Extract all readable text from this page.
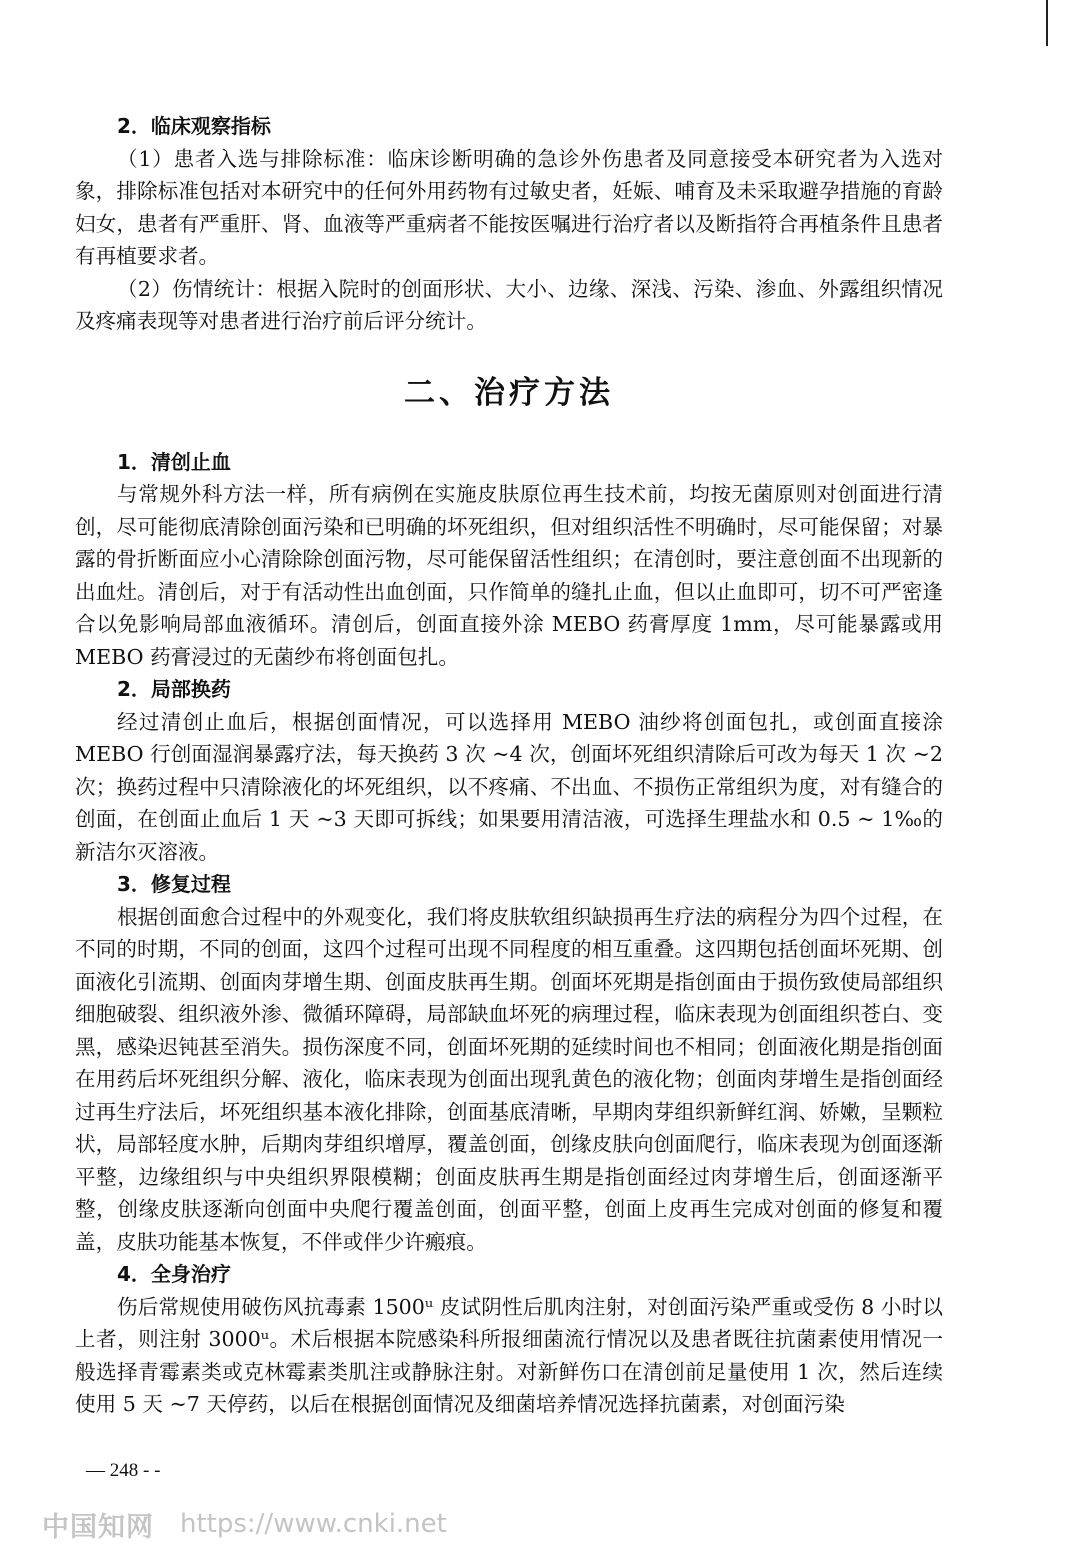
2．临床观察指标

（1）患者入选与排除标准：临床诊断明确的急诊外伤患者及同意接受本研究者为入选对象，排除标准包括对本研究中的任何外用药物有过敏史者，妊娠、哺育及未采取避孕措施的育龄妇女，患者有严重肝、肾、血液等严重病者不能按医嘱进行治疗者以及断指符合再植条件且患者有再植要求者。

（2）伤情统计：根据入院时的创面形状、大小、边缘、深浅、污染、渗血、外露组织情况及疼痛表现等对患者进行治疗前后评分统计。

二、治疗方法
1．清创止血

与常规外科方法一样，所有病例在实施皮肤原位再生技术前，均按无菌原则对创面进行清创，尽可能彻底清除创面污染和已明确的坏死组织，但对组织活性不明确时，尽可能保留；对暴露的骨折断面应小心清除除创面污物，尽可能保留活性组织；在清创时，要注意创面不出现新的出血灶。清创后，对于有活动性出血创面，只作简单的缝扎止血，但以止血即可，切不可严密逢合以免影响局部血液循环。清创后，创面直接外涂 MEBO 药膏厚度 1mm，尽可能暴露或用 MEBO 药膏浸过的无菌纱布将创面包扎。

2．局部换药

经过清创止血后，根据创面情况，可以选择用 MEBO 油纱将创面包扎，或创面直接涂 MEBO 行创面湿润暴露疗法，每天换药 3 次 ~4 次，创面坏死组织清除后可改为每天 1 次 ~2 次；换药过程中只清除液化的坏死组织，以不疼痛、不出血、不损伤正常组织为度，对有缝合的创面，在创面止血后 1 天 ~3 天即可拆线；如果要用清洁液，可选择生理盐水和 0.5 ~ 1‰的新洁尔灭溶液。

3．修复过程

根据创面愈合过程中的外观变化，我们将皮肤软组织缺损再生疗法的病程分为四个过程，在不同的时期，不同的创面，这四个过程可出现不同程度的相互重叠。这四期包括创面坏死期、创面液化引流期、创面肉芽增生期、创面皮肤再生期。创面坏死期是指创面由于损伤致使局部组织细胞破裂、组织液外渗、微循环障碍，局部缺血坏死的病理过程，临床表现为创面组织苍白、变黑，感染迟钝甚至消失。损伤深度不同，创面坏死期的延续时间也不相同；创面液化期是指创面在用药后坏死组织分解、液化，临床表现为创面出现乳黄色的液化物；创面肉芽增生是指创面经过再生疗法后，坏死组织基本液化排除，创面基底清晰，早期肉芽组织新鲜红润、娇嫩，呈颗粒状，局部轻度水肿，后期肉芽组织增厚，覆盖创面，创缘皮肤向创面爬行，临床表现为创面逐渐平整，边缘组织与中央组织界限模糊；创面皮肤再生期是指创面经过肉芽增生后，创面逐渐平整，创缘皮肤逐渐向创面中央爬行覆盖创面，创面平整，创面上皮再生完成对创面的修复和覆盖，皮肤功能基本恢复，不伴或伴少许瘢痕。

4．全身治疗

伤后常规使用破伤风抗毒素 1500ᵘ 皮试阴性后肌肉注射，对创面污染严重或受伤 8 小时以上者，则注射 3000ᵘ。术后根据本院感染科所报细菌流行情况以及患者既往抗菌素使用情况一般选择青霉素类或克林霉素类肌注或静脉注射。对新鲜伤口在清创前足量使用 1 次，然后连续使用 5 天 ~7 天停药，以后在根据创面情况及细菌培养情况选择抗菌素，对创面污染

— 248 - -
中国知网 https://www.cnki.net
